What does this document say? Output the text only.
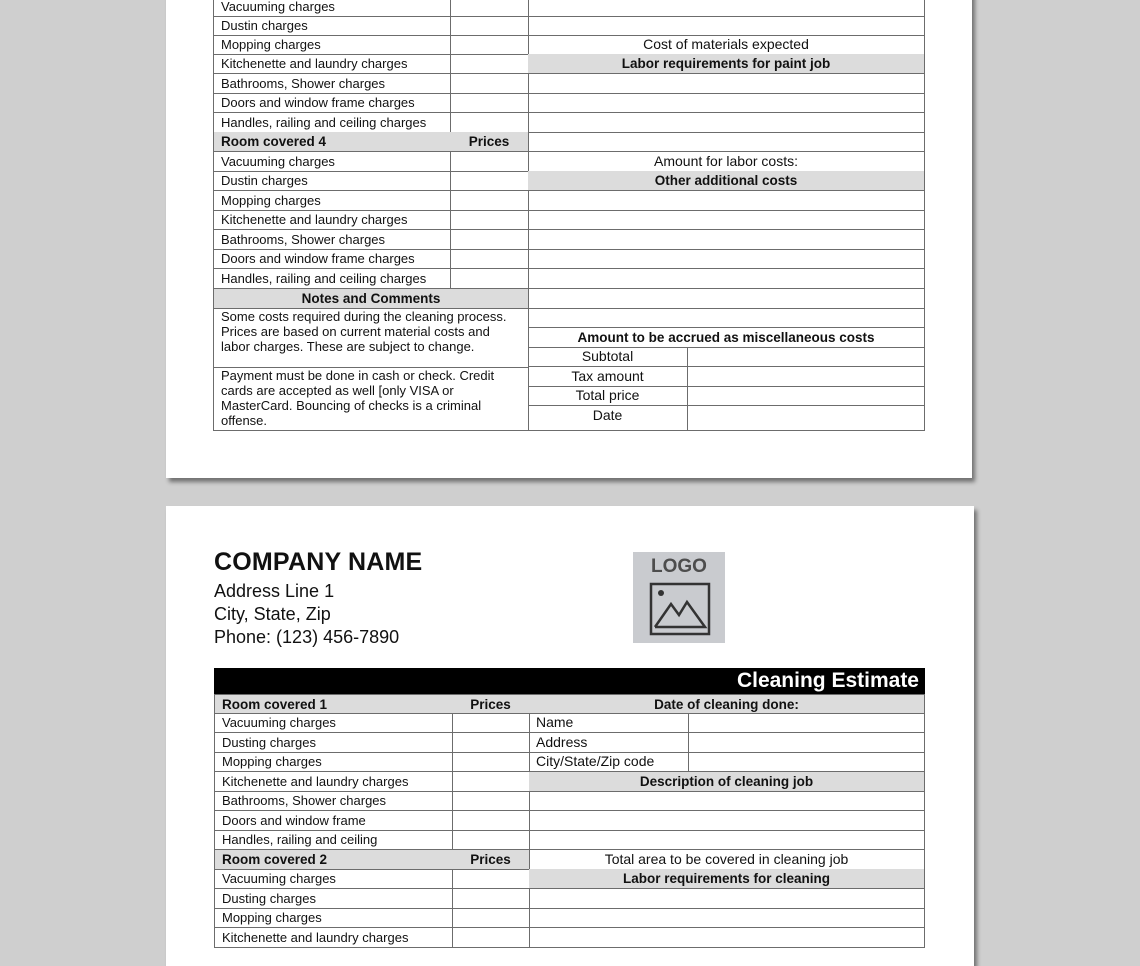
Vacuuming charges
Dustin charges
Mopping charges
Kitchenette and laundry charges
Bathrooms, Shower charges
Doors and window frame charges
Handles, railing and ceiling charges
Room covered 4	Prices
Vacuuming charges
Dustin charges
Mopping charges
Kitchenette and laundry charges
Bathrooms, Shower charges
Doors and window frame charges
Handles, railing and ceiling charges
Notes and Comments
Some costs required during the cleaning process. Prices are based on current material costs and labor charges. These are subject to change.
Payment must be done in cash or check. Credit cards are accepted as well [only VISA or MasterCard. Bouncing of checks is a criminal offense.
Cost of materials expected
Labor requirements for paint job
Amount for labor costs:
Other additional costs
Amount to be accrued as miscellaneous costs
Subtotal
Tax amount
Total price
Date
COMPANY NAME
Address Line 1
City, State, Zip
Phone: (123) 456-7890
LOGO
Cleaning Estimate
Room covered 1	Prices
Vacuuming charges
Dusting charges
Mopping charges
Kitchenette and laundry charges
Bathrooms, Shower charges
Doors and window frame
Handles, railing and ceiling
Room covered 2	Prices
Vacuuming charges
Dusting charges
Mopping charges
Kitchenette and laundry charges
Date of cleaning done:
Name
Address
City/State/Zip code
Description of cleaning job
Total area to be covered in cleaning job
Labor requirements for cleaning
